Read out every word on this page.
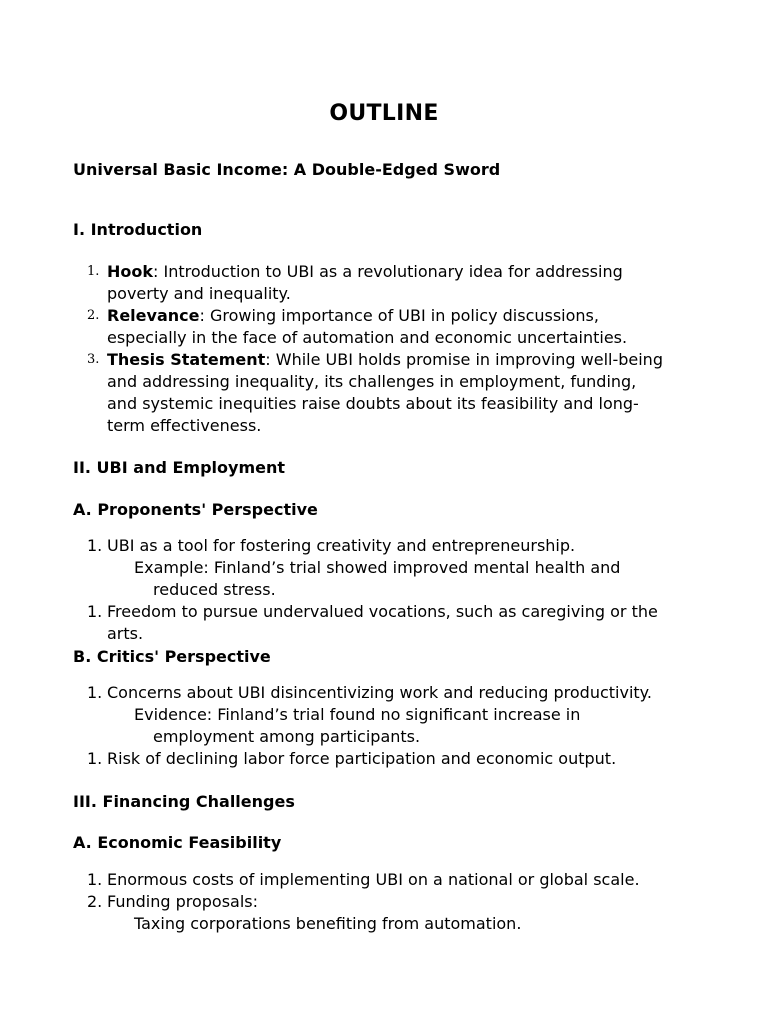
OUTLINE
Universal Basic Income: A Double-Edged Sword
I. Introduction
1. Hook: Introduction to UBI as a revolutionary idea for addressing
poverty and inequality.
2. Relevance: Growing importance of UBI in policy discussions,
especially in the face of automation and economic uncertainties.
3. Thesis Statement: While UBI holds promise in improving well-being
and addressing inequality, its challenges in employment, funding,
and systemic inequities raise doubts about its feasibility and long-
term effectiveness.
II. UBI and Employment
A. Proponents' Perspective
1. UBI as a tool for fostering creativity and entrepreneurship.
Example: Finland’s trial showed improved mental health and
reduced stress.
1. Freedom to pursue undervalued vocations, such as caregiving or the
arts.
B. Critics' Perspective
1. Concerns about UBI disincentivizing work and reducing productivity.
Evidence: Finland’s trial found no significant increase in
employment among participants.
1. Risk of declining labor force participation and economic output.
III. Financing Challenges
A. Economic Feasibility
1. Enormous costs of implementing UBI on a national or global scale.
2. Funding proposals:
Taxing corporations benefiting from automation.
